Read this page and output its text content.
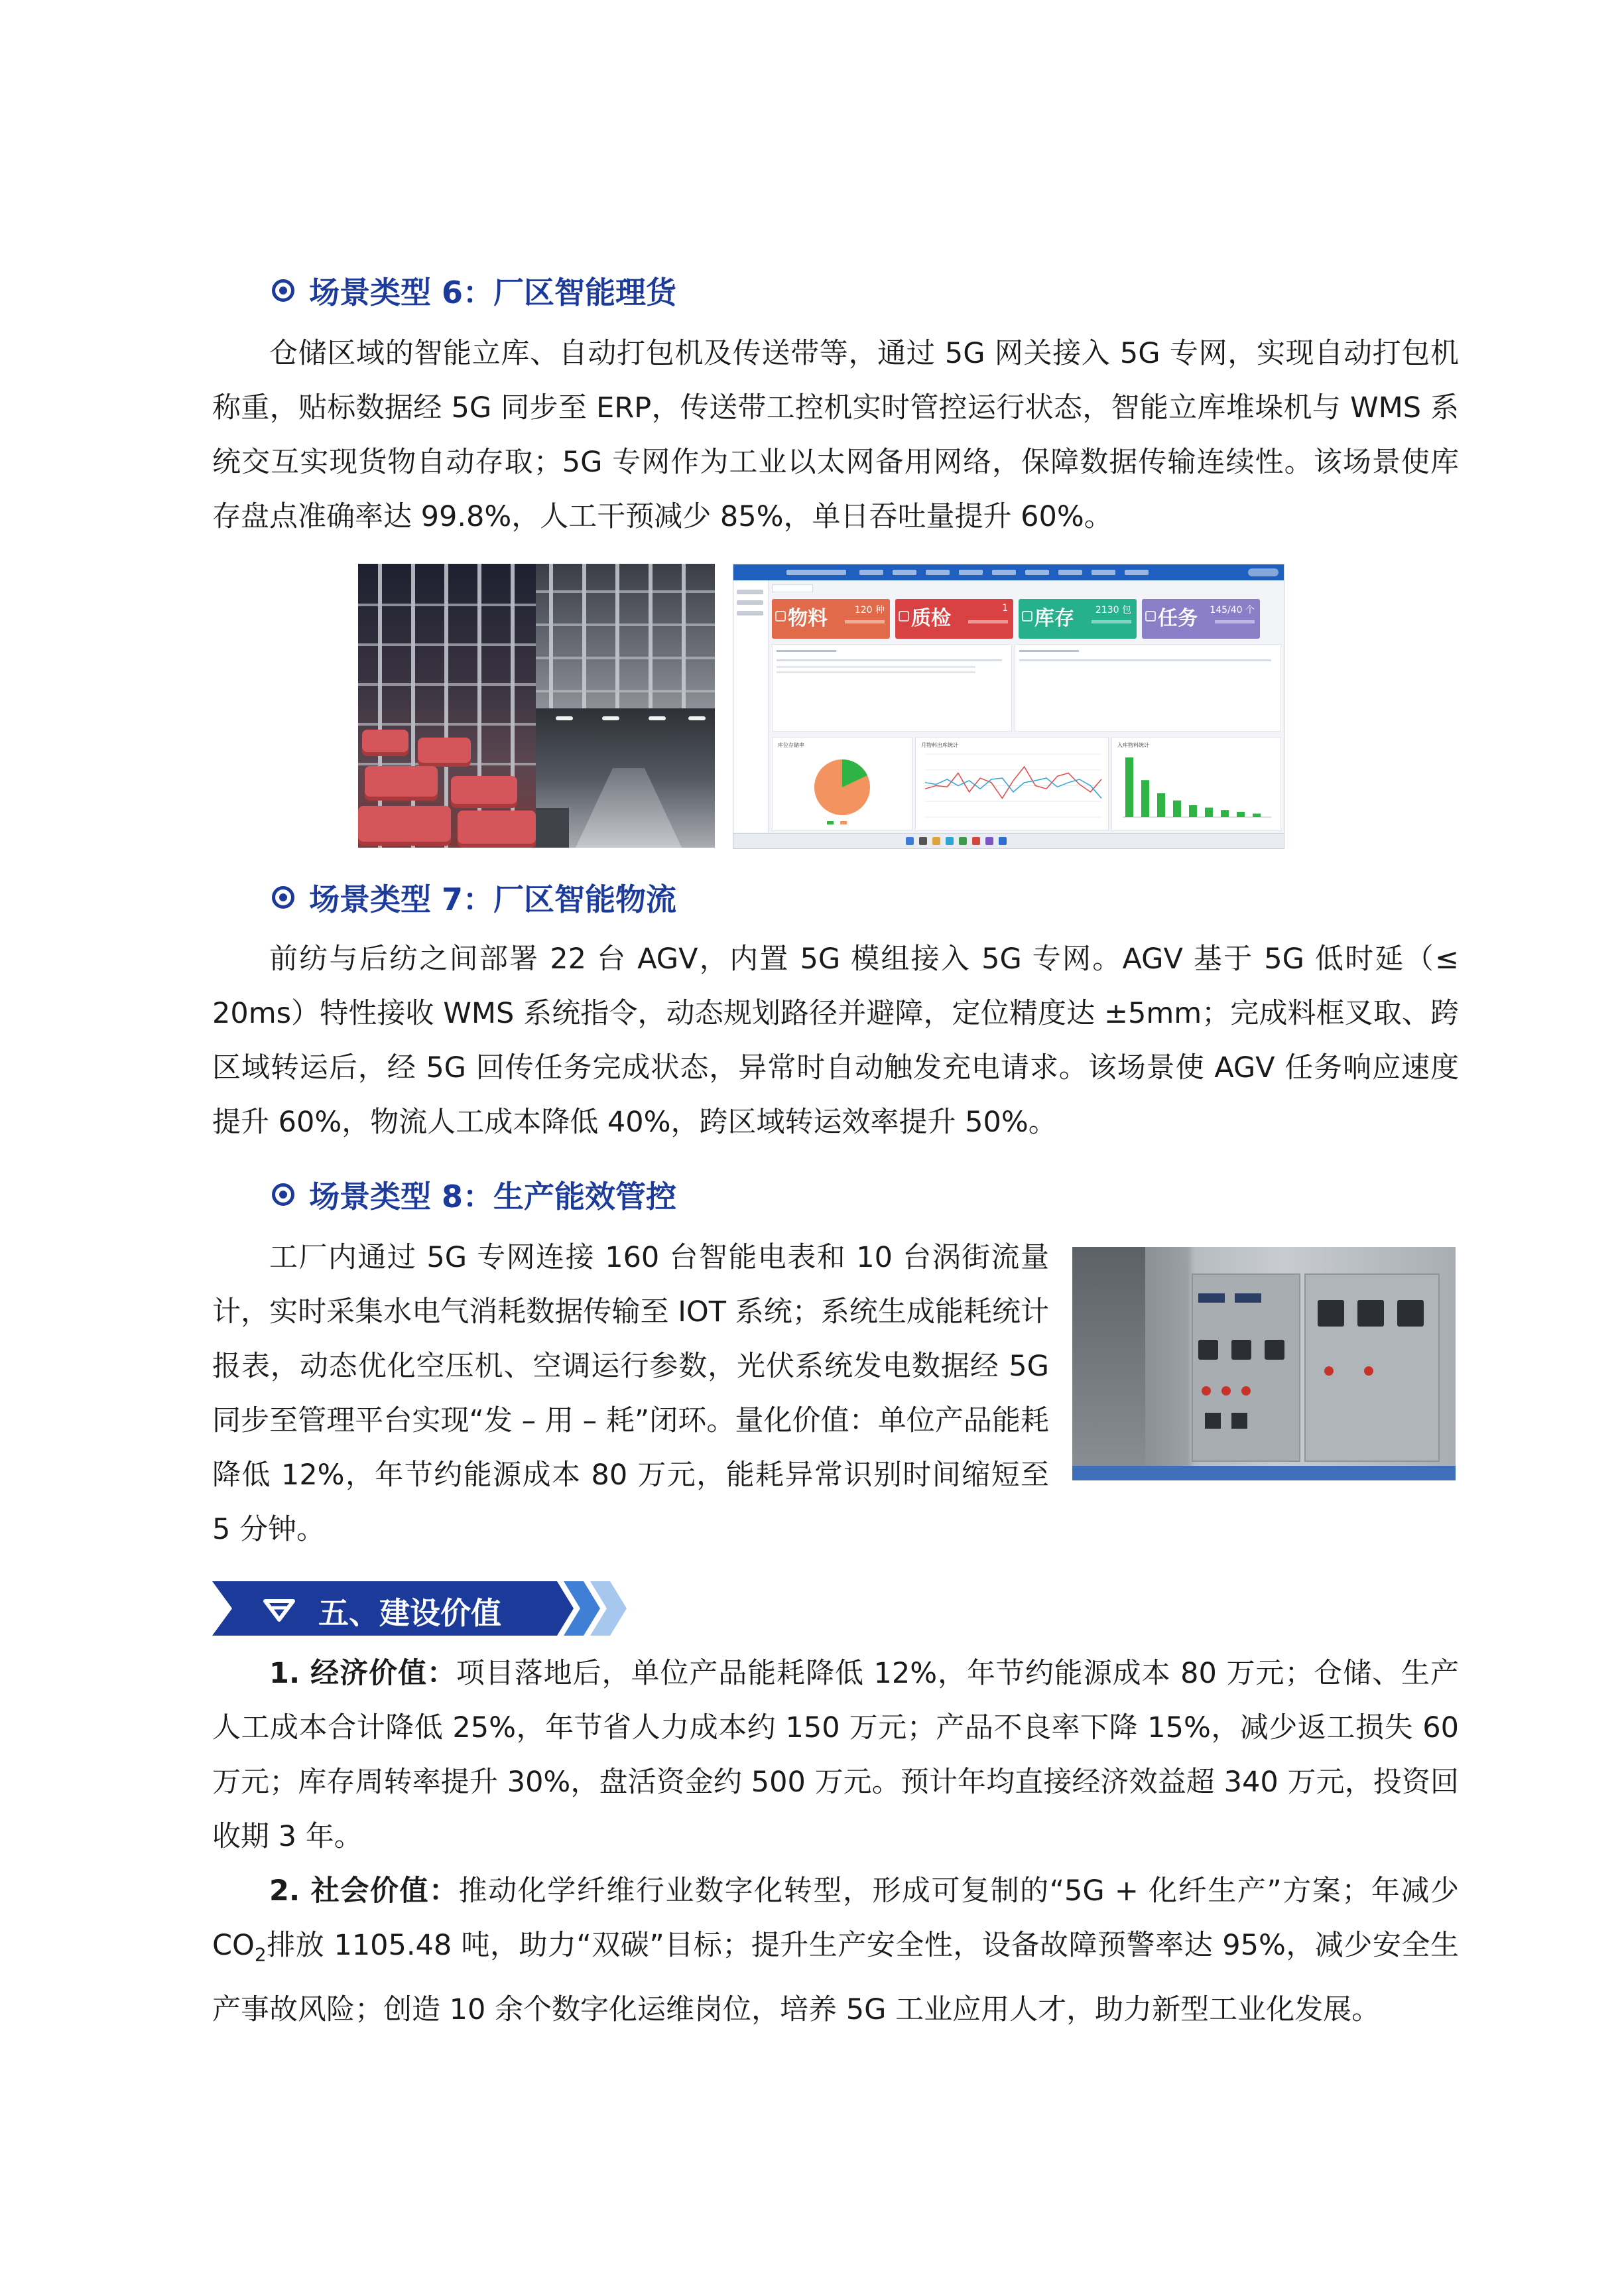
场景类型 6：厂区智能理货

仓储区域的智能立库、自动打包机及传送带等，通过 5G 网关接入 5G 专网，实现自动打包机称重，贴标数据经 5G 同步至 ERP，传送带工控机实时管控运行状态，智能立库堆垛机与 WMS 系统交互实现货物自动存取；5G 专网作为工业以太网备用网络，保障数据传输连续性。该场景使库存盘点准确率达 99.8%，人工干预减少 85%，单日吞吐量提升 60%。

物料	120 种 质检	1 库存 2130 包 任务 145/40 个
库位存储率	月物料出库统计	入库物料统计
场景类型 7：厂区智能物流

前纺与后纺之间部署 22 台 AGV，内置 5G 模组接入 5G 专网。AGV 基于 5G 低时延（≤ 20ms）特性接收 WMS 系统指令，动态规划路径并避障，定位精度达 ±5mm；完成料框叉取、跨区域转运后，经 5G 回传任务完成状态，异常时自动触发充电请求。该场景使 AGV 任务响应速度提升 60%，物流人工成本降低 40%，跨区域转运效率提升 50%。

场景类型 8：生产能效管控

工厂内通过 5G 专网连接 160 台智能电表和 10 台涡街流量计，实时采集水电气消耗数据传输至 IOT 系统；系统生成能耗统计报表，动态优化空压机、空调运行参数，光伏系统发电数据经 5G 同步至管理平台实现“发 – 用 – 耗”闭环。量化价值：单位产品能耗降低 12%，年节约能源成本 80 万元，能耗异常识别时间缩短至 5 分钟。

五、建设价值

1. 经济价值：项目落地后，单位产品能耗降低 12%，年节约能源成本 80 万元；仓储、生产人工成本合计降低 25%，年节省人力成本约 150 万元；产品不良率下降 15%，减少返工损失 60 万元；库存周转率提升 30%，盘活资金约 500 万元。预计年均直接经济效益超 340 万元，投资回收期 3 年。

2. 社会价值：推动化学纤维行业数字化转型，形成可复制的“5G + 化纤生产”方案；年减少 $CO_2$排放 1105.48 吨，助力“双碳”目标；提升生产安全性，设备故障预警率达 95%，减少安全生产事故风险；创造 10 余个数字化运维岗位，培养 5G 工业应用人才，助力新型工业化发展。
